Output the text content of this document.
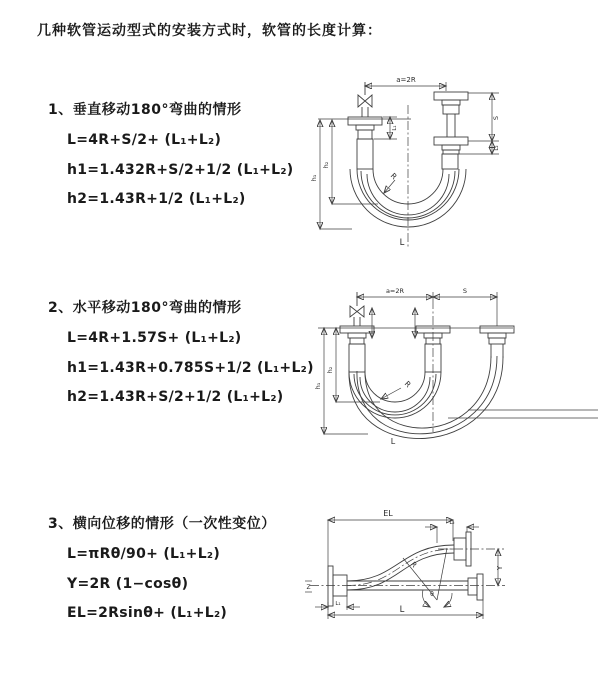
几种软管运动型式的安装方式时，软管的长度计算：
1、垂直移动180°弯曲的情形
L=4R+S/2+ (L₁+L₂)
h1=1.432R+S/2+1/2 (L₁+L₂)
h2=1.43R+1/2 (L₁+L₂)
2、水平移动180°弯曲的情形
L=4R+1.57S+ (L₁+L₂)
h1=1.43R+0.785S+1/2 (L₁+L₂)
h2=1.43R+S/2+1/2 (L₁+L₂)
3、横向位移的情形（一次性变位）
L=πRθ/90+ (L₁+L₂)
Y=2R (1−cosθ)
EL=2Rsinθ+ (L₁+L₂)
a=2R
h₁
h₂
L₁
S
L₂
R
L
a=2R	S
h₁
h₂
R
L
EL
L₂
Y
L
L₁
R
θ
Z
